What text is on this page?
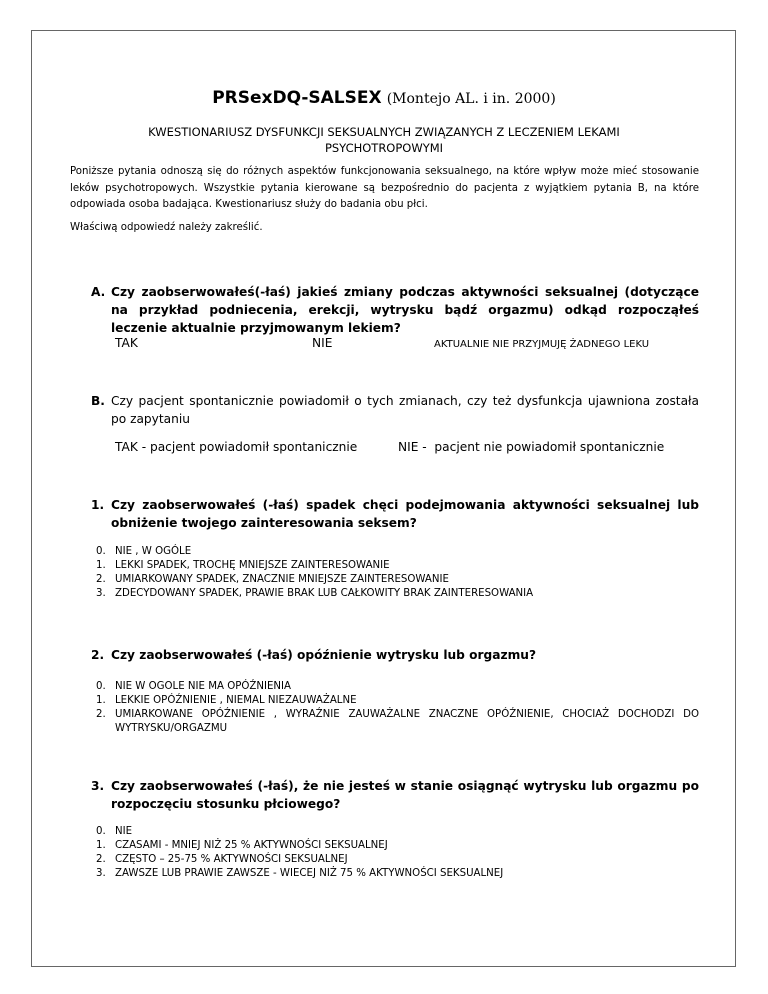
PRSexDQ-SALSEX (Montejo AL. i in. 2000)
KWESTIONARIUSZ DYSFUNKCJI SEKSUALNYCH ZWIĄZANYCH Z LECZENIEM LEKAMI PSYCHOTROPOWYMI
Poniższe pytania odnoszą się do różnych aspektów funkcjonowania seksualnego, na które wpływ może mieć stosowanie leków psychotropowych. Wszystkie pytania kierowane są bezpośrednio do pacjenta z wyjątkiem pytania B, na które odpowiada osoba badająca. Kwestionariusz służy do badania obu płci.
Właściwą odpowiedź należy zakreślić.
A. Czy zaobserwowałeś(-łaś) jakieś zmiany podczas aktywności seksualnej (dotyczące na przykład podniecenia, erekcji, wytrysku bądź orgazmu) odkąd rozpocząłeś leczenie aktualnie przyjmowanym lekiem?
TAK	NIE	AKTUALNIE NIE PRZYJMUJĘ ŻADNEGO LEKU
B. Czy pacjent spontanicznie powiadomił o tych zmianach, czy też dysfunkcja ujawniona została po zapytaniu
TAK - pacjent powiadomił spontanicznie	NIE -  pacjent nie powiadomił spontanicznie
1. Czy zaobserwowałeś (-łaś) spadek chęci podejmowania aktywności seksualnej lub obniżenie twojego zainteresowania seksem?
0. NIE , W OGÓLE
1. LEKKI SPADEK, TROCHĘ MNIEJSZE ZAINTERESOWANIE
2. UMIARKOWANY SPADEK, ZNACZNIE MNIEJSZE ZAINTERESOWANIE
3. ZDECYDOWANY SPADEK, PRAWIE BRAK LUB CAŁKOWITY BRAK ZAINTERESOWANIA
2. Czy zaobserwowałeś (-łaś) opóźnienie wytrysku lub orgazmu?
0. NIE W OGOLE NIE MA OPÓŹNIENIA
1. LEKKIE OPÓŹNIENIE , NIEMAL NIEZAUWAŻALNE
2. UMIARKOWANE OPÓŹNIENIE , WYRAŹNIE ZAUWAŻALNE ZNACZNE OPÓŹNIENIE, CHOCIAŻ DOCHODZI DO WYTRYSKU/ORGAZMU
3. Czy zaobserwowałeś (-łaś), że nie jesteś w stanie osiągnąć wytrysku lub orgazmu po rozpoczęciu stosunku płciowego?
0. NIE
1. CZASAMI - MNIEJ NIŻ 25 % AKTYWNOŚCI SEKSUALNEJ
2. CZĘSTO – 25-75 % AKTYWNOŚCI SEKSUALNEJ
3. ZAWSZE LUB PRAWIE ZAWSZE - WIECEJ NIŻ 75 % AKTYWNOŚCI SEKSUALNEJ
